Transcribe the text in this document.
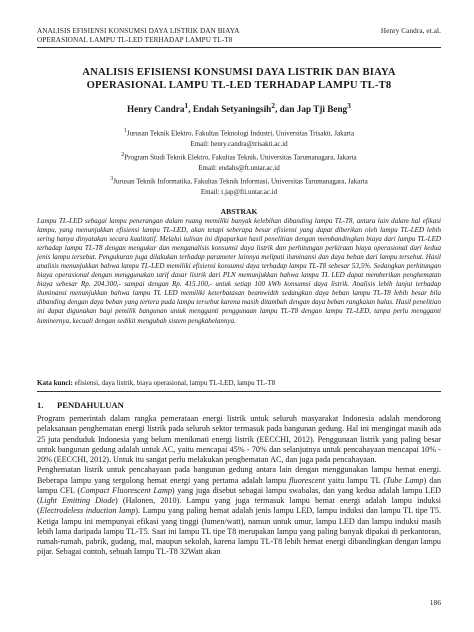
ANALISIS EFISIENSI KONSUMSI DAYA LISTRIK DAN BIAYA
OPERASIONAL LAMPU TL-LED TERHADAP LAMPU TL-T8
Henry Candra, et.al.
ANALISIS EFISIENSI KONSUMSI DAYA LISTRIK DAN BIAYA
OPERASIONAL LAMPU TL-LED TERHADAP LAMPU TL-T8
Henry Candra$^1$, Endah Setyaningsih$^2$, dan Jap Tji Beng$^3$
$^1$Jurusan Teknik Elektro, Fakultas Teknologi Industri, Universitas Trisakti, Jakarta
Email: henry.candra@trisakti.ac.id
$^2$Program Studi Teknik Elektro, Fakultas Teknik, Universitas Tarumanagara, Jakarta
Email: endahs@ft.untar.ac.id
$^3$Jurusan Teknik Informatika, Fakultas Teknik Informasi, Universitas Tarumanagara, Jakarta
Email: t.jap@fti.untar.ac.id
ABSTRAK
Lampu TL-LED sebagai lampu penerangan dalam ruang memiliki banyak kelebihan dibanding lampu TL-T8, antara lain dalam hal efikasi lampu, yang menunjukkan efisiensi lampu TL-LED, akan tetapi seberapa besar efisiensi yang dapat diberikan oleh lampu TL-LED lebih sering hanya dinyatakan secara kualitatif. Melalui tulisan ini dipaparkan hasil penelitian dengan membandingkan biaya dari lampu TL-LED terhadap lampu TL-T8 dengan mengukur dan menganalisis konsumsi daya listrik dan perhitungan perkiraan biaya operasional dari kedua jenis lampu tersebut. Pengukuran juga dilakukan terhadap parameter lainnya meliputi iluminansi dan daya beban dari lampu tersebut. Hasil analisis menunjukkan bahwa lampu TL-LED memiliki efisiensi konsumsi daya terhadap lampu TL-T8 sebesar 53,5%. Sedangkan perhitungan biaya operasional dengan menggunakan tarif dasar listrik dari PLN memunjukkan bahwa lampu TL LED dapat memberikan penghematan biaya sebesar Rp. 204.300,- sampai dengan Rp. 415.100,- untuk setiap 100 kWh konsumsi daya listrik. Analisis lebih lanjut terhadap iluminansi menunjukkan bahwa lampu TL LED memiliki keterbatasan beamwidth sedangkan daya beban lampu TL-T8 lebih besar bila dibanding dengan daya beban yang tertera pada lampu tersebut karena masih ditambah dengan daya beban rangkaian balas. Hasil penelitian ini dapat digunakan bagi pemilik bangunan untuk mengganti penggunaan lampu TL-T8 dengan lampu TL-LED, tanpa perlu mengganti luminernya, kecuali dengan sedikit mengubah sistem pengkabelannya.
Kata kunci: efisiensi, daya listrik, biaya operasional, lampu TL-LED, lampu TL-T8
1. PENDAHULUAN

Program pemerintah dalam rangka pemerataan energi listrik untuk seluruh masyarakat Indonesia adalah mendorong pelaksanaan penghematan energi listrik pada seluruh sektor termasuk pada bangunan gedung. Hal ini mengingat masih ada 25 juta penduduk Indonesia yang belum menikmati energi listrik (EECCHI, 2012). Penggunaan listrik yang paling besar untuk bangunan gedung adalah untuk AC, yaitu mencapai 45% - 70% dan selanjutnya untuk pencahayaan mencapai 10% - 20% (EECCHI, 2012). Untuk itu sangat perlu melakukan penghematan AC, dan juga pada pencahayaan.

Penghematan listrik untuk pencahayaan pada bangunan gedung antara lain dengan menggunakan lampu hemat energi. Beberapa lampu yang tergolong hemat energi yang pertama adalah lampu fluorescent yaitu lampu TL (Tube Lamp) dan lampu CFL (Compact Fluorescent Lamp) yang juga disebut sebagai lampu swabalas, dan yang kedua adalah lampu LED (Light Emitting Diode) (Halonen, 2010). Lampu yang juga termasuk lampu hemat energi adalah lampu induksi (Electrodeless induction lamp). Lampu yang paling hemat adalah jenis lampu LED, lampu induksi dan lampu TL tipe T5. Ketiga lampu ini mempunyai efikasi yang tinggi (lumen/watt), namun untuk umur, lampu LED dan lampu induksi masih lebih lama daripada lampu TL-T5. Saat ini lampu TL tipe T8 merupakan lampu yang paling banyak dipakai di perkantoran, rumah-rumah, pabrik, gudang, mal, maupun sekolah, karena lampu TL-T8 lebih hemat energi dibandingkan dengan lampu pijar. Sebagai contoh, sebuah lampu TL-T8 32Watt akan

186
